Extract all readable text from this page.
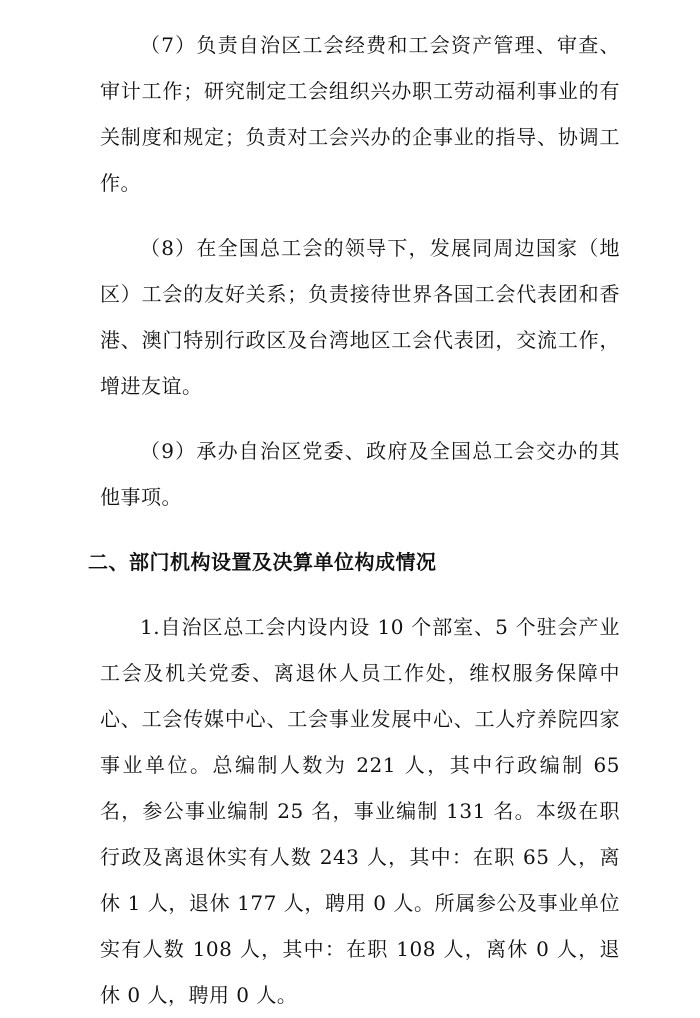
（7）负责自治区工会经费和工会资产管理、审查、审计工作；研究制定工会组织兴办职工劳动福利事业的有关制度和规定；负责对工会兴办的企事业的指导、协调工作。

（8）在全国总工会的领导下，发展同周边国家（地区）工会的友好关系；负责接待世界各国工会代表团和香港、澳门特别行政区及台湾地区工会代表团，交流工作，增进友谊。

（9）承办自治区党委、政府及全国总工会交办的其他事项。

二、部门机构设置及决算单位构成情况

1.自治区总工会内设内设 10 个部室、5 个驻会产业工会及机关党委、离退休人员工作处，维权服务保障中心、工会传媒中心、工会事业发展中心、工人疗养院四家事业单位。总编制人数为 221 人，其中行政编制 65 名，参公事业编制 25 名，事业编制 131 名。本级在职行政及离退休实有人数 243 人，其中：在职 65 人，离休 1 人，退休 177 人，聘用 0 人。所属参公及事业单位实有人数 108 人，其中：在职 108 人，离休 0 人，退休 0 人，聘用 0 人。
